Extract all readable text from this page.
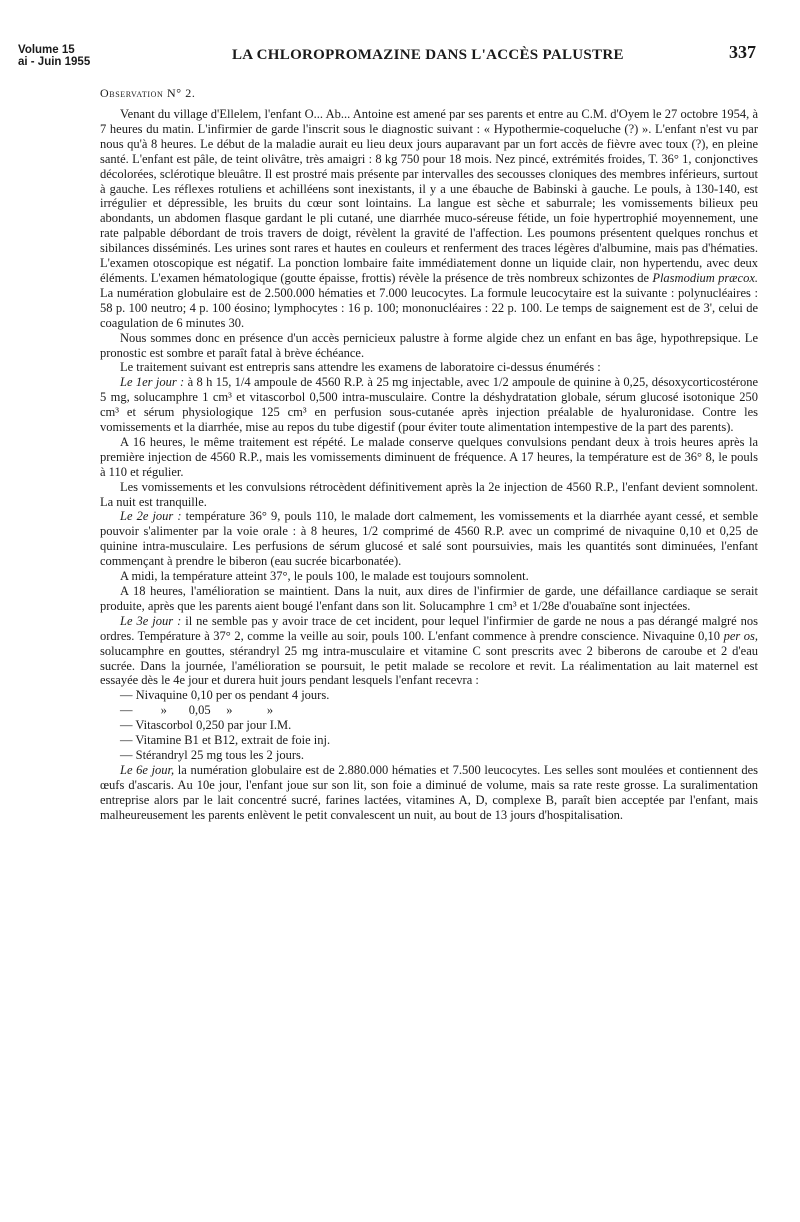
Volume 15
ai - Juin 1955	LA CHLOROPROMAZINE DANS L'ACCÈS PALUSTRE	337
Observation N° 2.

Venant du village d'Ellelem, l'enfant O... Ab... Antoine est amené par ses parents et entre au C.M. d'Oyem le 27 octobre 1954, à 7 heures du matin. L'infirmier de garde l'inscrit sous le diagnostic suivant : « Hypothermie-coqueluche (?) ». L'enfant n'est vu par nous qu'à 8 heures. Le début de la maladie aurait eu lieu deux jours auparavant par un fort accès de fièvre avec toux (?), en pleine santé. L'enfant est pâle, de teint olivâtre, très amaigri : 8 kg 750 pour 18 mois. Nez pincé, extrémités froides, T. 36° 1, conjonctives décolorées, sclérotique bleuâtre. Il est prostré mais présente par intervalles des secousses cloniques des membres inférieurs, surtout à gauche. Les réflexes rotuliens et achilléens sont inexistants, il y a une ébauche de Babinski à gauche. Le pouls, à 130-140, est irrégulier et dépressible, les bruits du cœur sont lointains. La langue est sèche et saburrale; les vomissements bilieux peu abondants, un abdomen flasque gardant le pli cutané, une diarrhée muco-séreuse fétide, un foie hypertrophié moyennement, une rate palpable débordant de trois travers de doigt, révèlent la gravité de l'affection. Les poumons présentent quelques ronchus et sibilances disséminés. Les urines sont rares et hautes en couleurs et renferment des traces légères d'albumine, mais pas d'hématies. L'examen otoscopique est négatif. La ponction lombaire faite immédiatement donne un liquide clair, non hypertendu, avec deux éléments. L'examen hématologique (goutte épaisse, frottis) révèle la présence de très nombreux schizontes de Plasmodium præcox. La numération globulaire est de 2.500.000 hématies et 7.000 leucocytes. La formule leucocytaire est la suivante : polynucléaires : 58 p. 100 neutro; 4 p. 100 éosino; lymphocytes : 16 p. 100; mononucléaires : 22 p. 100. Le temps de saignement est de 3', celui de coagulation de 6 minutes 30.

Nous sommes donc en présence d'un accès pernicieux palustre à forme algide chez un enfant en bas âge, hypothrepsique. Le pronostic est sombre et paraît fatal à brève échéance.

Le traitement suivant est entrepris sans attendre les examens de laboratoire ci-dessus énumérés :

Le 1er jour : à 8 h 15, 1/4 ampoule de 4560 R.P. à 25 mg injectable, avec 1/2 ampoule de quinine à 0,25, désoxycorticostérone 5 mg, solucamphre 1 cm³ et vitascorbol 0,500 intra-musculaire. Contre la déshydratation globale, sérum glucosé isotonique 250 cm³ et sérum physiologique 125 cm³ en perfusion sous-cutanée après injection préalable de hyaluronidase. Contre les vomissements et la diarrhée, mise au repos du tube digestif (pour éviter toute alimentation intempestive de la part des parents).

A 16 heures, le même traitement est répété. Le malade conserve quelques convulsions pendant deux à trois heures après la première injection de 4560 R.P., mais les vomissements diminuent de fréquence. A 17 heures, la température est de 36° 8, le pouls à 110 et régulier.

Les vomissements et les convulsions rétrocèdent définitivement après la 2e injection de 4560 R.P., l'enfant devient somnolent. La nuit est tranquille.

Le 2e jour : température 36° 9, pouls 110, le malade dort calmement, les vomissements et la diarrhée ayant cessé, et semble pouvoir s'alimenter par la voie orale : à 8 heures, 1/2 comprimé de 4560 R.P. avec un comprimé de nivaquine 0,10 et 0,25 de quinine intra-musculaire. Les perfusions de sérum glucosé et salé sont poursuivies, mais les quantités sont diminuées, l'enfant commençant à prendre le biberon (eau sucrée bicarbonatée).

A midi, la température atteint 37°, le pouls 100, le malade est toujours somnolent.

A 18 heures, l'amélioration se maintient. Dans la nuit, aux dires de l'infirmier de garde, une défaillance cardiaque se serait produite, après que les parents aient bougé l'enfant dans son lit. Solucamphre 1 cm³ et 1/28e d'ouabaïne sont injectées.

Le 3e jour : il ne semble pas y avoir trace de cet incident, pour lequel l'infirmier de garde ne nous a pas dérangé malgré nos ordres. Température à 37° 2, comme la veille au soir, pouls 100. L'enfant commence à prendre conscience. Nivaquine 0,10 per os, solucamphre en gouttes, stérandryl 25 mg intra-musculaire et vitamine C sont prescrits avec 2 biberons de caroube et 2 d'eau sucrée. Dans la journée, l'amélioration se poursuit, le petit malade se recolore et revit. La réalimentation au lait maternel est essayée dès le 4e jour et durera huit jours pendant lesquels l'enfant recevra :

— Nivaquine 0,10 per os pendant 4 jours.
—         »       0,05     »           »
— Vitascorbol 0,250 par jour I.M.
— Vitamine B1 et B12, extrait de foie inj.
— Stérandryl 25 mg tous les 2 jours.

Le 6e jour, la numération globulaire est de 2.880.000 hématies et 7.500 leucocytes. Les selles sont moulées et contiennent des œufs d'ascaris. Au 10e jour, l'enfant joue sur son lit, son foie a diminué de volume, mais sa rate reste grosse. La suralimentation entreprise alors par le lait concentré sucré, farines lactées, vitamines A, D, complexe B, paraît bien acceptée par l'enfant, mais malheureusement les parents enlèvent le petit convalescent un nuit, au bout de 13 jours d'hospitalisation.
